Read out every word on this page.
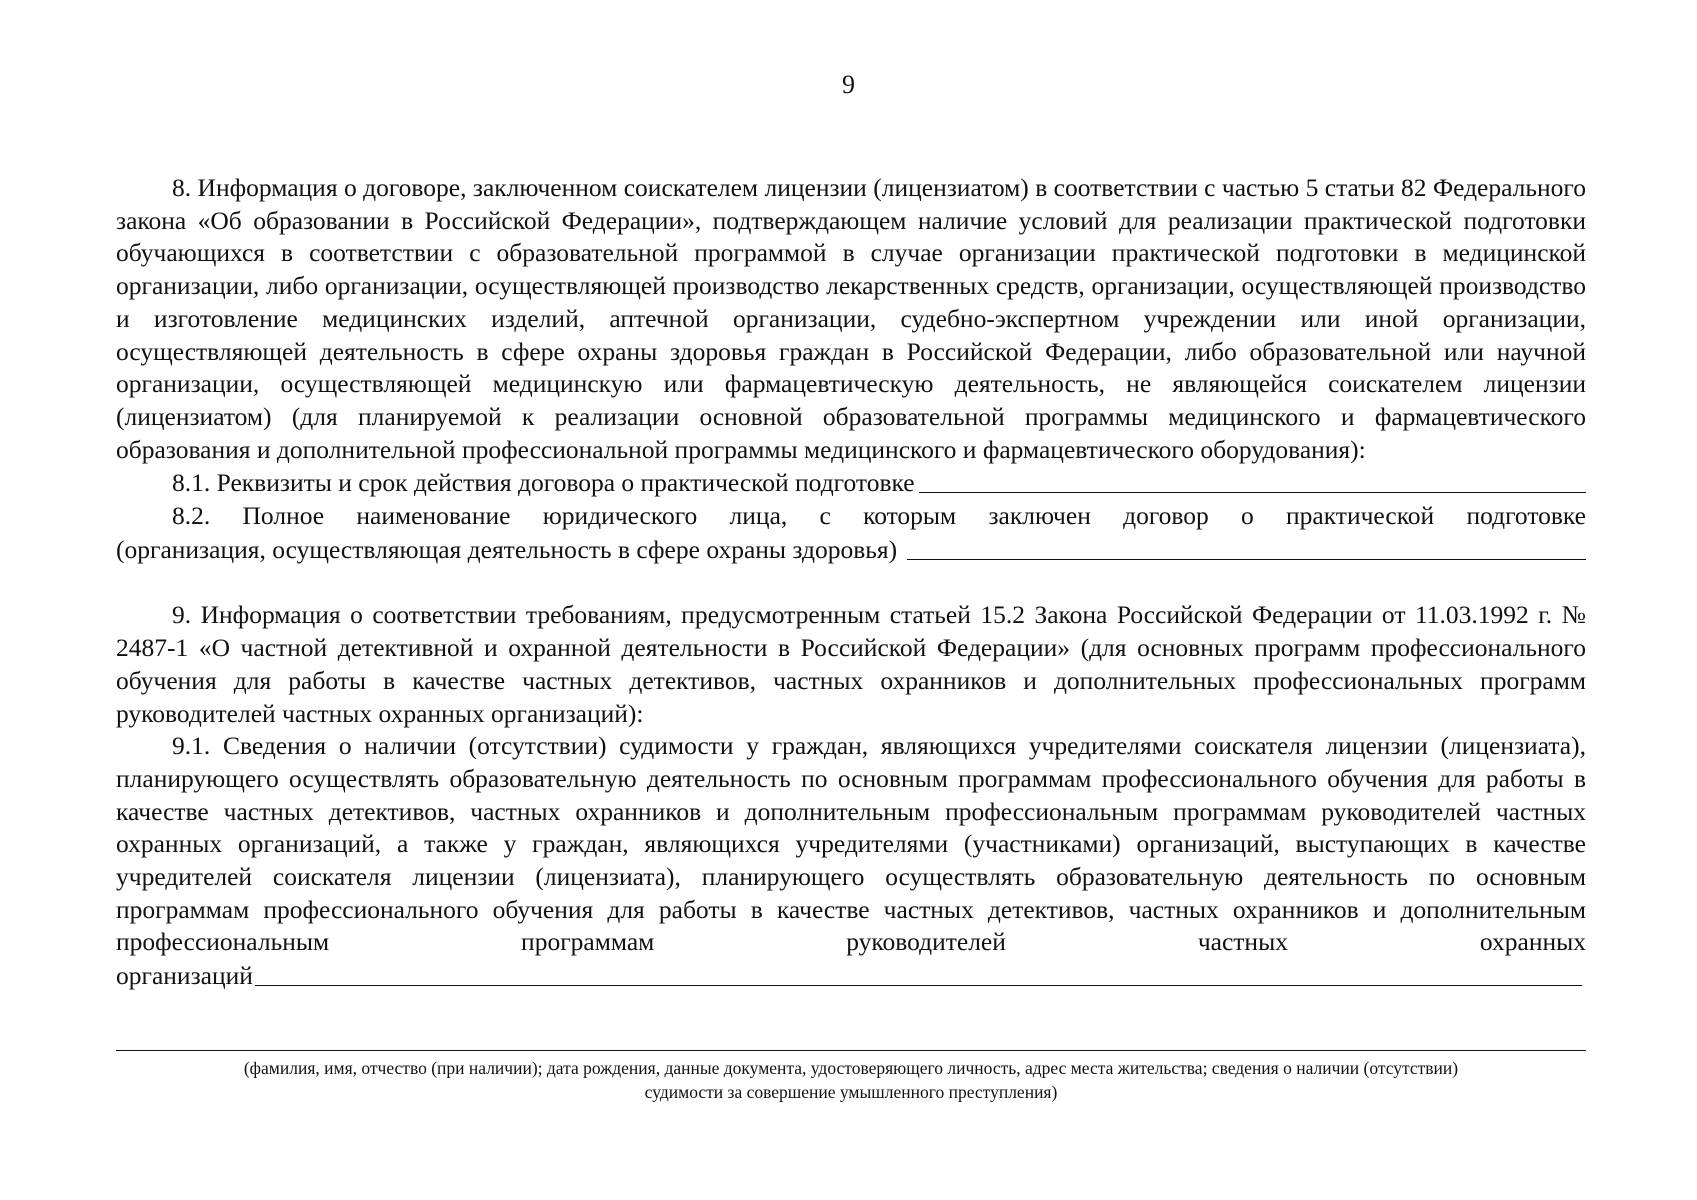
9

8. Информация о договоре, заключенном соискателем лицензии (лицензиатом) в соответствии с частью 5 статьи 82 Федерального закона «Об образовании в Российской Федерации», подтверждающем наличие условий для реализации практической подготовки обучающихся в соответствии с образовательной программой в случае организации практической подготовки в медицинской организации, либо организации, осуществляющей производство лекарственных средств, организации, осуществляющей производство и изготовление медицинских изделий, аптечной организации, судебно-экспертном учреждении или иной организации, осуществляющей деятельность в сфере охраны здоровья граждан в Российской Федерации, либо образовательной или научной организации, осуществляющей медицинскую или фармацевтическую деятельность, не являющейся соискателем лицензии (лицензиатом) (для планируемой к реализации основной образовательной программы медицинского и фармацевтического образования и дополнительной профессиональной программы медицинского и фармацевтического оборудования):

8.1. Реквизиты и срок действия договора о практической подготовке

8.2. Полное наименование юридического лица, с которым заключен договор о практической подготовке

(организация, осуществляющая деятельность в сфере охраны здоровья)

9. Информация о соответствии требованиям, предусмотренным статьей 15.2 Закона Российской Федерации от 11.03.1992 г. № 2487-1 «О частной детективной и охранной деятельности в Российской Федерации» (для основных программ профессионального обучения для работы в качестве частных детективов, частных охранников и дополнительных профессиональных программ руководителей частных охранных организаций):

9.1. Сведения о наличии (отсутствии) судимости у граждан, являющихся учредителями соискателя лицензии (лицензиата), планирующего осуществлять образовательную деятельность по основным программам профессионального обучения для работы в качестве частных детективов, частных охранников и дополнительным профессиональным программам руководителей частных охранных организаций, а также у граждан, являющихся учредителями (участниками) организаций, выступающих в качестве учредителей соискателя лицензии (лицензиата), планирующего осуществлять образовательную деятельность по основным программам профессионального обучения для работы в качестве частных детективов, частных охранников и дополнительным профессиональным программам руководителей частных охранных

организаций
(фамилия, имя, отчество (при наличии); дата рождения, данные документа, удостоверяющего личность, адрес места жительства; сведения о наличии (отсутствии)
судимости за совершение умышленного преступления)
